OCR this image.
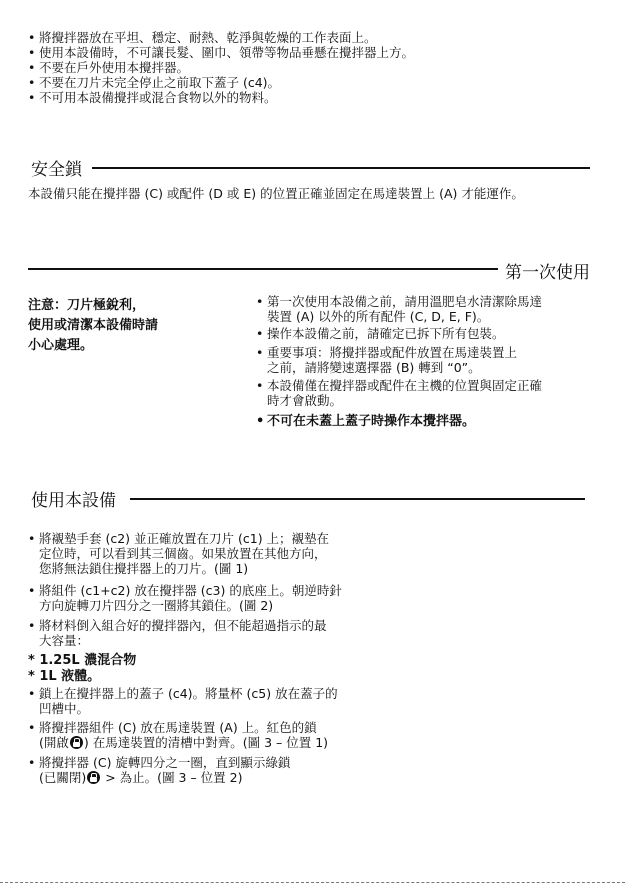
• 將攪拌器放在平坦、穩定、耐熱、乾淨與乾燥的工作表面上。
• 使用本設備時，不可讓長髮、圍巾、領帶等物品垂懸在攪拌器上方。
• 不要在戶外使用本攪拌器。
• 不要在刀片未完全停止之前取下蓋子 (c4)。
• 不可用本設備攪拌或混合食物以外的物料。
安全鎖
本設備只能在攪拌器 (C) 或配件 (D 或 E) 的位置正確並固定在馬達裝置上 (A) 才能運作。
第一次使用
注意：刀片極銳利，
使用或清潔本設備時請
小心處理。
• 第一次使用本設備之前，請用溫肥皂水清潔除馬達
裝置 (A) 以外的所有配件 (C, D, E, F)。
• 操作本設備之前，請確定已拆下所有包裝。
• 重要事項：將攪拌器或配件放置在馬達裝置上
之前，請將變速選擇器 (B) 轉到 “0”。
• 本設備僅在攪拌器或配件在主機的位置與固定正確
時才會啟動。
• 不可在未蓋上蓋子時操作本攪拌器。
使用本設備
• 將襯墊手套 (c2) 並正確放置在刀片 (c1) 上；襯墊在
定位時，可以看到其三個齒。如果放置在其他方向，
您將無法鎖住攪拌器上的刀片。(圖 1)
• 將組件 (c1+c2) 放在攪拌器 (c3) 的底座上。朝逆時針
方向旋轉刀片四分之一圈將其鎖住。(圖 2)
• 將材料倒入組合好的攪拌器內，但不能超過指示的最
大容量：
* 1.25L 濃混合物
* 1L 液體。
• 鎖上在攪拌器上的蓋子 (c4)。將量杯 (c5) 放在蓋子的
凹槽中。
• 將攪拌器組件 (C) 放在馬達裝置 (A) 上。紅色的鎖
(開啟 ) 在馬達裝置的清槽中對齊。(圖 3 – 位置 1)
• 將攪拌器 (C) 旋轉四分之一圈，直到顯示綠鎖
(已關閉) > 為止。(圖 3 – 位置 2)
